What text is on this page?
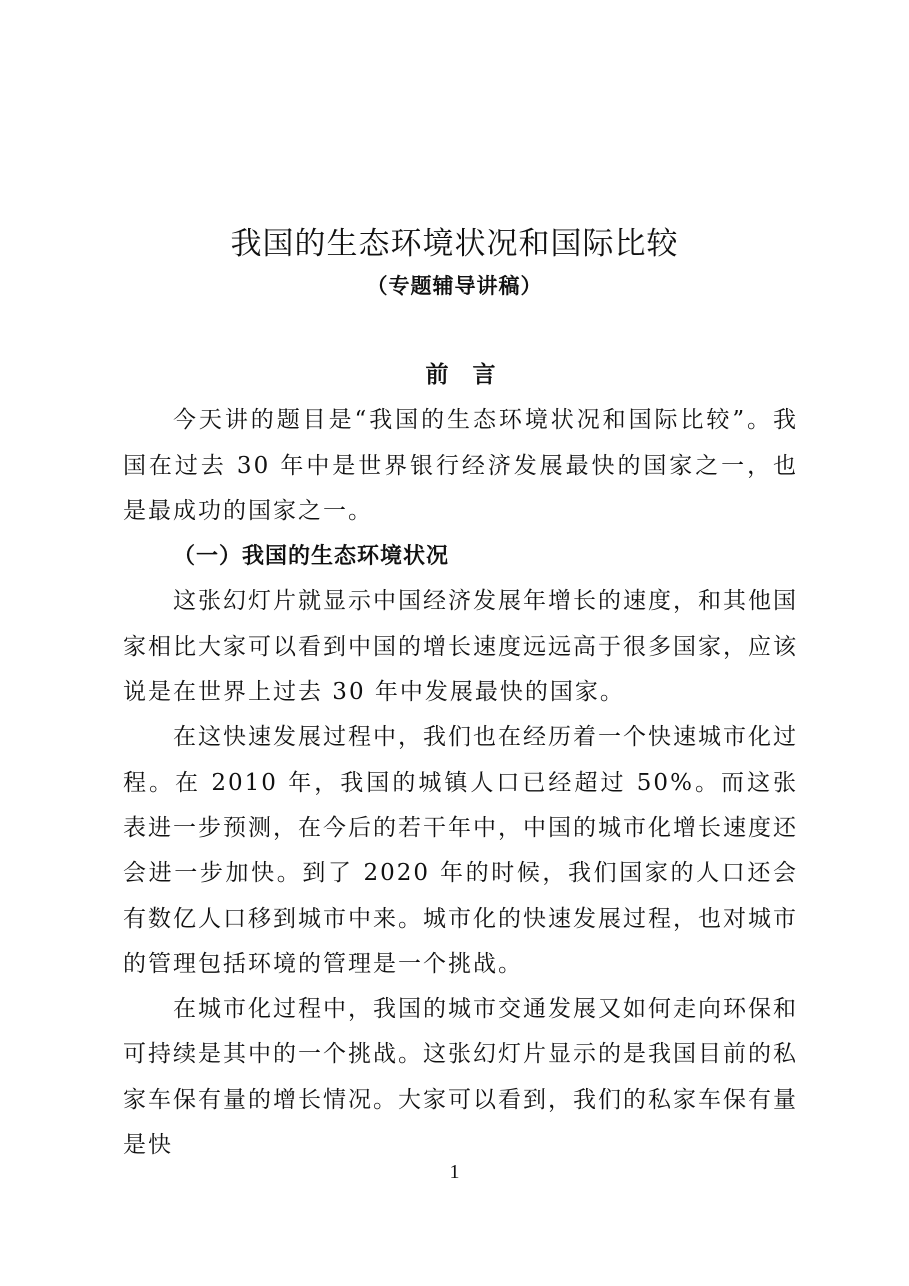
我国的生态环境状况和国际比较
（专题辅导讲稿）
前言

今天讲的题目是“我国的生态环境状况和国际比较”。我国在过去 30 年中是世界银行经济发展最快的国家之一，也是最成功的国家之一。

（一）我国的生态环境状况

这张幻灯片就显示中国经济发展年增长的速度，和其他国家相比大家可以看到中国的增长速度远远高于很多国家，应该说是在世界上过去 30 年中发展最快的国家。

在这快速发展过程中，我们也在经历着一个快速城市化过程。在 2010 年，我国的城镇人口已经超过 50%。而这张表进一步预测，在今后的若干年中，中国的城市化增长速度还会进一步加快。到了 2020 年的时候，我们国家的人口还会有数亿人口移到城市中来。城市化的快速发展过程，也对城市的管理包括环境的管理是一个挑战。

在城市化过程中，我国的城市交通发展又如何走向环保和可持续是其中的一个挑战。这张幻灯片显示的是我国目前的私家车保有量的增长情况。大家可以看到，我们的私家车保有量是快

1
